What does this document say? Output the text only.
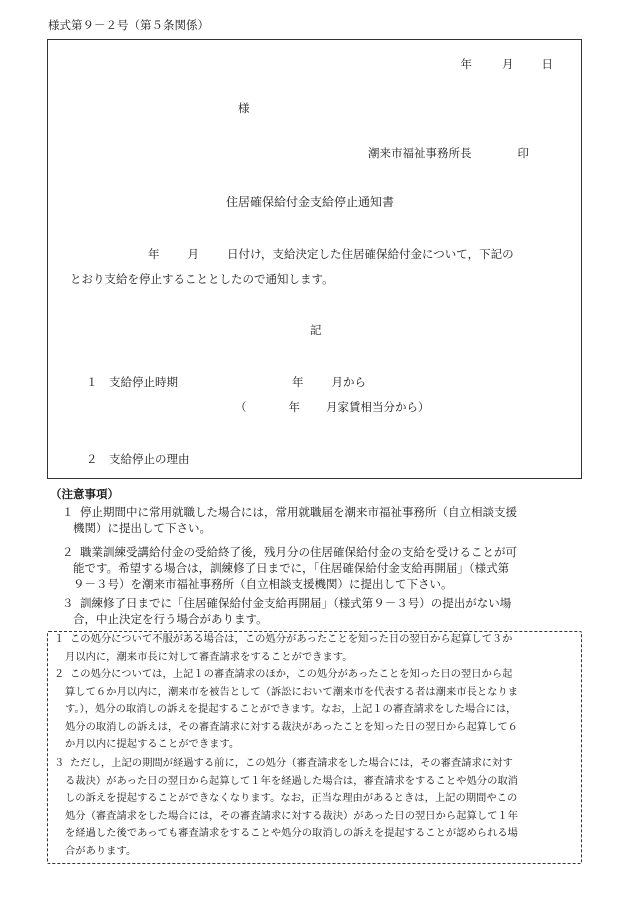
様式第９－２号（第５条関係）
年	月 日
様
潮来市福祉事務所長	印
住居確保給付金支給停止通知書
年 月 日付け，支給決定した住居確保給付金について，下記の
とおり支給を停止することとしたので通知します。
記
１ 支給停止時期	年 月から
（	年 月家賃相当分から）
２ 支給停止の理由
（注意事項）
１ 停止期間中に常用就職した場合には，常用就職届を潮来市福祉事務所（自立相談支援
機関）に提出して下さい。
２ 職業訓練受講給付金の受給終了後，残月分の住居確保給付金の支給を受けることが可
能です。希望する場合は，訓練修了日までに，「住居確保給付金支給再開届」（様式第
９－３号）を潮来市福祉事務所（自立相談支援機関）に提出して下さい。
３ 訓練修了日までに「住居確保給付金支給再開届」（様式第９－３号）の提出がない場
合，中止決定を行う場合があります。
１ この処分について不服がある場合は，この処分があったことを知った日の翌日から起算して３か
月以内に，潮来市長に対して審査請求をすることができます。
２ この処分については，上記１の審査請求のほか，この処分があったことを知った日の翌日から起
算して６か月以内に，潮来市を被告として（訴訟において潮来市を代表する者は潮来市長となりま
す。），処分の取消しの訴えを提起することができます。なお，上記１の審査請求をした場合には，
処分の取消しの訴えは，その審査請求に対する裁決があったことを知った日の翌日から起算して６
か月以内に提起することができます。
３ ただし，上記の期間が経過する前に，この処分（審査請求をした場合には，その審査請求に対す
る裁決）があった日の翌日から起算して１年を経過した場合は，審査請求をすることや処分の取消
しの訴えを提起することができなくなります。なお，正当な理由があるときは，上記の期間やこの
処分（審査請求をした場合には，その審査請求に対する裁決）があった日の翌日から起算して１年
を経過した後であっても審査請求をすることや処分の取消しの訴えを提起することが認められる場
合があります。
